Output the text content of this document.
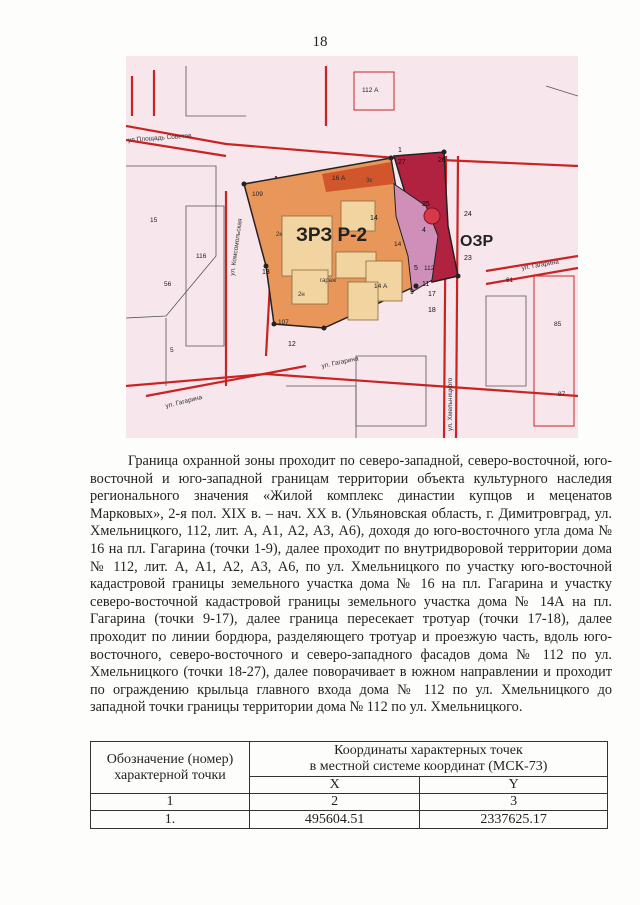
18
ЗРЗ Р-2	ОЗР
ул.Площадь Советов
ул. Гагарина
ул. Гагарина
ул. Гагарина
ул. Комсомольская
ул. Хмельницкого
1
4
5
9
11
12
13
14
17
18
23
24
25
26
27
109
107
16 А
112
112 А
14 А
14
116
56
61
85
87
5
15
2к
3к
2н
гараж

Граница охранной зоны проходит по северо-западной, северо-восточной, юго-восточной и юго-западной границам территории объекта культурного наследия регионального значения «Жилой комплекс династии купцов и меценатов Марковых», 2-я пол. XIX в. – нач. XX в. (Ульяновская область, г. Димитровград, ул. Хмельницкого, 112, лит. А, А1, А2, А3, А6), доходя до юго-восточного угла дома № 16 на пл. Гагарина (точки 1-9), далее проходит по внутридворовой территории дома № 112, лит. А, А1, А2, А3, А6, по ул. Хмельницкого по участку юго-восточной кадастровой границы земельного участка дома № 16 на пл. Гагарина и участку северо-восточной кадастровой границы земельного участка дома № 14А на пл. Гагарина (точки 9-17), далее граница пересекает тротуар (точки 17-18), далее проходит по линии бордюра, разделяющего тротуар и проезжую часть, вдоль юго-восточного, северо-восточного и северо-западного фасадов дома № 112 по ул. Хмельницкого (точки 18-27), далее поворачивает в южном направлении и проходит по ограждению крыльца главного входа дома № 112 по ул. Хмельницкого до западной точки границы территории дома № 112 по ул. Хмельницкого.

Обозначение (номер) характерной точки	Координаты характерных точек
в местной системе координат (МСК-73)	
	X	Y
1	2	3
1.	495604.51	2337625.17
